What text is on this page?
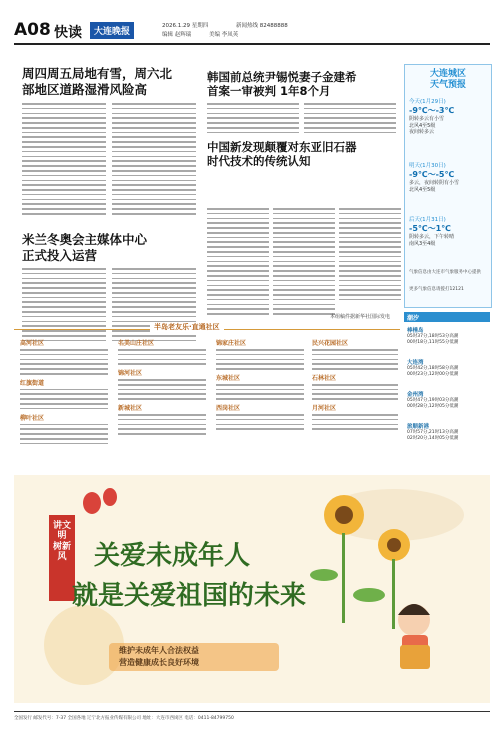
A08 快读	大连晚报
2026.1.29 星期四	新闻热线 82488888
编辑 赵辉瑞	美编 李凤英
周四周五局地有雪，周六北
部地区道路湿滑风险高
米兰冬奥会主媒体中心
正式投入运营
韩国前总统尹锡悦妻子金建希
首案一审被判 1年8个月
中国新发现颠覆对东亚旧石器
时代技术的传统认知
本组稿件据新华社国际发电
大连城区
天气预报
今天(1月29日)
-9℃～-3℃
阴转多云有小雪
北风4至5级
夜间转多云
明天(1月30日)
-9℃～-5℃
多云，夜间转阴有小雪
北风4至5级
后天(1月31日)
-5℃～1℃
阴转多云，下午转晴
南风3至4级
气象信息由大连市气象服务中心提供
更多气象信息请拨打12121
潮汐
棒棰岛
05时37分,18时53分高潮
00时18分,11时55分低潮
大连湾
05时42分,18时58分高潮
00时23分,12时00分低潮
金州湾
05时47分,19时03分高潮
00时28分,12时05分低潮
旅顺新港
07时57分,21时13分高潮
02时20分,14时05分低潮
半岛老友乐·直通社区
高河社区
红旗街道
柳叶社区
名美山庄社区
锦河社区
新城社区
锦家庄社区
东城社区
西岗社区
民兴花园社区
石林社区
月河社区
讲文明 树新风 关爱未成年人
就是关爱祖国的未来
维护未成年人合法权益
营造健康成长良好环境
全国发行 邮发代号：7-37 全国各地 辽宁北方报业传媒有限公司 地址：大连市西岗区 电话：0411-84799750
